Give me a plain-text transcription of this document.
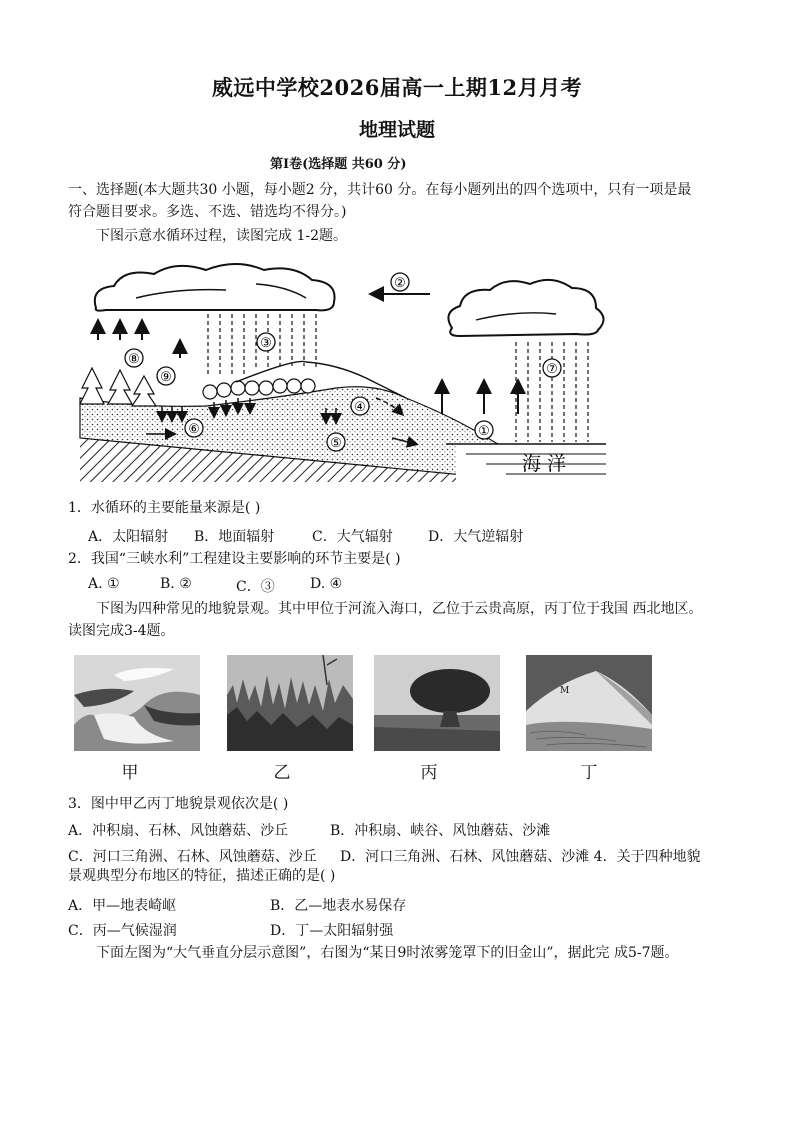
威远中学校2026届高一上期12月月考
地理试题
第Ⅰ卷(选择题 共60 分)
一、选择题(本大题共30 小题，每小题2 分，共计60 分。在每小题列出的四个选项中，只有一项是最
符合题目要求。多选、不选、错选均不得分。)
下图示意水循环过程，读图完成 1-2题。
海 洋
②
③
⑦
①
⑧
⑨
⑥
⑤
④
1．水循环的主要能量来源是( )
A．太阳辐射 B．地面辐射	C．大气辐射	D．大气逆辐射
2．我国“三峡水利”工程建设主要影响的环节主要是( )
A. ①	B. ②	C．③	D. ④
下图为四种常见的地貌景观。其中甲位于河流入海口，乙位于云贵高原，丙丁位于我国 西北地区。
读图完成3-4题。
M
甲	乙	丙	丁
3．图中甲乙丙丁地貌景观依次是( )
A．冲积扇、石林、风蚀蘑菇、沙丘	B．冲积扇、峡谷、风蚀蘑菇、沙滩
C．河口三角洲、石林、风蚀蘑菇、沙丘 D．河口三角洲、石林、风蚀蘑菇、沙滩 4．关于四种地貌
景观典型分布地区的特征，描述正确的是( )
A．甲—地表崎岖	B．乙—地表水易保存
C．丙—气候湿润	D．丁—太阳辐射强
下面左图为“大气垂直分层示意图”，右图为“某日9时浓雾笼罩下的旧金山”，据此完 成5-7题。
